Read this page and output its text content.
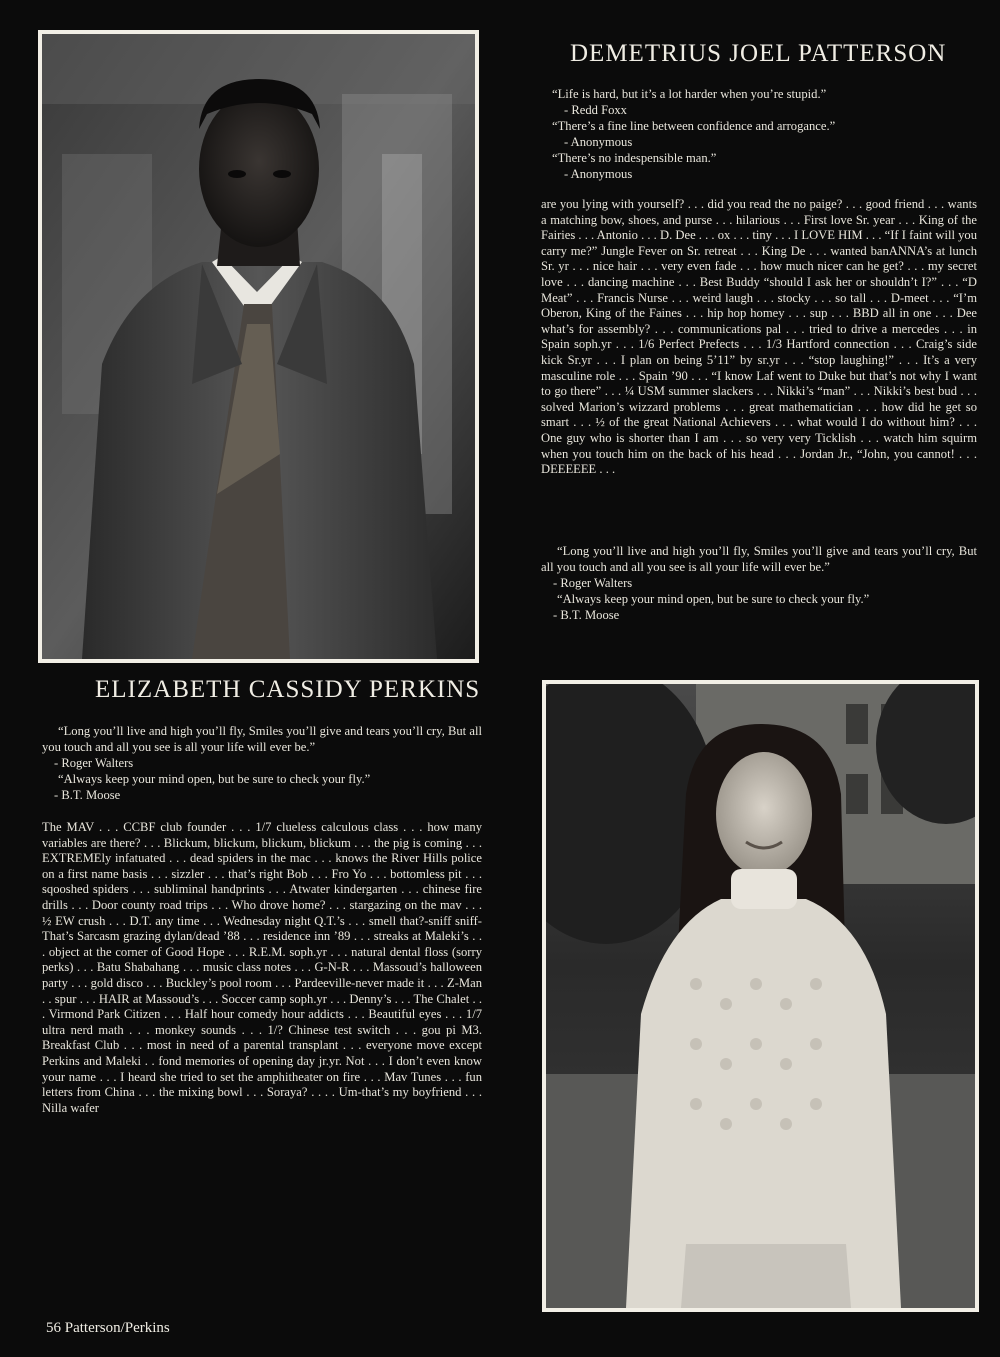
DEMETRIUS JOEL PATTERSON

“Life is hard, but it’s a lot harder when you’re stupid.”

- Redd Foxx

“There’s a fine line between confidence and arrogance.”

- Anonymous

“There’s no indespensible man.”

- Anonymous

are you lying with yourself? . . . did you read the no paige? . . . good friend . . . wants a matching bow, shoes, and purse . . . hilarious . . . First love Sr. year . . . King of the Fairies . . . Antonio . . . D. Dee . . . ox . . . tiny . . . I LOVE HIM . . . “If I faint will you carry me?” Jungle Fever on Sr. retreat . . . King De . . . wanted banANNA’s at lunch Sr. yr . . . nice hair . . . very even fade . . . how much nicer can he get? . . . my secret love . . . dancing machine . . . Best Buddy “should I ask her or shouldn’t I?” . . . “D Meat” . . . Francis Nurse . . . weird laugh . . . stocky . . . so tall . . . D-meet . . . “I’m Oberon, King of the Faines . . . hip hop homey . . . sup . . . BBD all in one . . . Dee what’s for assembly? . . . communications pal . . . tried to drive a mercedes . . . in Spain soph.yr . . . 1/6 Perfect Prefects . . . 1/3 Hartford connection . . . Craig’s side kick Sr.yr . . . I plan on being 5’11” by sr.yr . . . “stop laughing!” . . . It’s a very masculine role . . . Spain ’90 . . . “I know Laf went to Duke but that’s not why I want to go there” . . . ¼ USM summer slackers . . . Nikki’s “man” . . . Nikki’s best bud . . . solved Marion’s wizzard problems . . . great mathematician . . . how did he get so smart . . . ½ of the great National Achievers . . . what would I do without him? . . . One guy who is shorter than I am . . . so very very Ticklish . . . watch him squirm when you touch him on the back of his head . . . Jordan Jr., “John, you cannot! . . . DEEEEEE . . .

“Long you’ll live and high you’ll fly, Smiles you’ll give and tears you’ll cry, But all you touch and all you see is all your life will ever be.”

- Roger Walters

“Always keep your mind open, but be sure to check your fly.”

- B.T. Moose

ELIZABETH CASSIDY PERKINS

“Long you’ll live and high you’ll fly, Smiles you’ll give and tears you’ll cry, But all you touch and all you see is all your life will ever be.”

- Roger Walters

“Always keep your mind open, but be sure to check your fly.”

- B.T. Moose

The MAV . . . CCBF club founder . . . 1/7 clueless calculous class . . . how many variables are there? . . . Blickum, blickum, blickum, blickum . . . the pig is coming . . . EXTREMEly infatuated . . . dead spiders in the mac . . . knows the River Hills police on a first name basis . . . sizzler . . . that’s right Bob . . . Fro Yo . . . bottomless pit . . . sqooshed spiders . . . subliminal handprints . . . Atwater kindergarten . . . chinese fire drills . . . Door county road trips . . . Who drove home? . . . stargazing on the mav . . . ½ EW crush . . . D.T. any time . . . Wednesday night Q.T.’s . . . smell that?-sniff sniff-That’s Sarcasm grazing dylan/dead ’88 . . . residence inn ’89 . . . streaks at Maleki’s . . . object at the corner of Good Hope . . . R.E.M. soph.yr . . . natural dental floss (sorry perks) . . . Batu Shabahang . . . music class notes . . . G-N-R . . . Massoud’s halloween party . . . gold disco . . . Buckley’s pool room . . . Pardeeville-never made it . . . Z-Man . . spur . . . HAIR at Massoud’s . . . Soccer camp soph.yr . . . Denny’s . . . The Chalet . . . Virmond Park Citizen . . . Half hour comedy hour addicts . . . Beautiful eyes . . . 1/7 ultra nerd math . . . monkey sounds . . . 1/? Chinese test switch . . . gou pi M3. Breakfast Club . . . most in need of a parental transplant . . . everyone move except Perkins and Maleki . . fond memories of opening day jr.yr. Not . . . I don’t even know your name . . . I heard she tried to set the amphitheater on fire . . . Mav Tunes . . . fun letters from China . . . the mixing bowl . . . Soraya? . . . . Um-that’s my boyfriend . . . Nilla wafer

56 Patterson/Perkins
